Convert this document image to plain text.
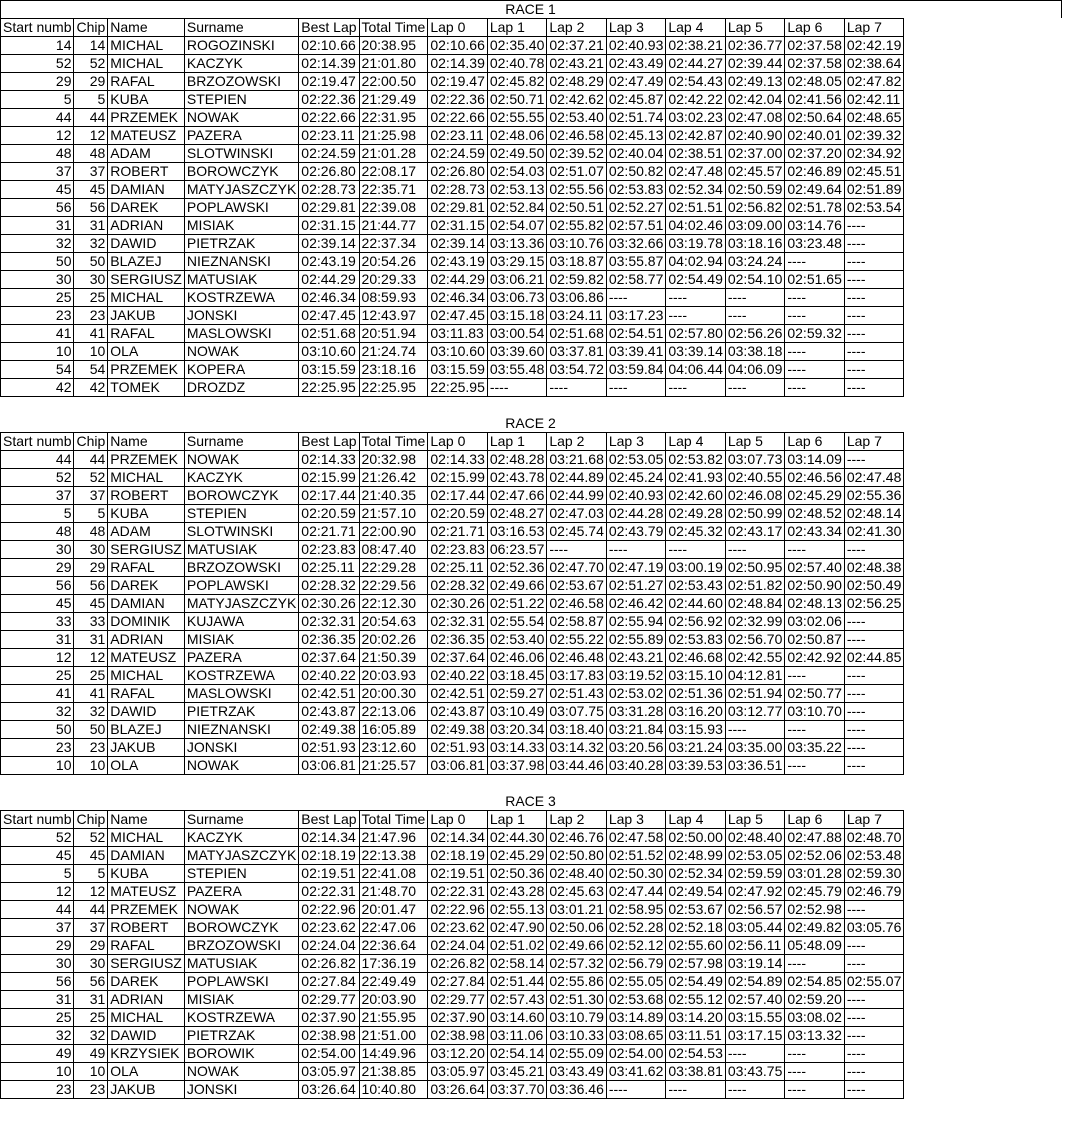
RACE 1
Start numb	Chip	Name	Surname	Best Lap	Total Time	Lap 0	Lap 1	Lap 2	Lap 3	Lap 4	Lap 5	Lap 6	Lap 7
14	14	MICHAL	ROGOZINSKI	02:10.66	20:38.95	02:10.66	02:35.40	02:37.21	02:40.93	02:38.21	02:36.77	02:37.58	02:42.19
52	52	MICHAL	KACZYK	02:14.39	21:01.80	02:14.39	02:40.78	02:43.21	02:43.49	02:44.27	02:39.44	02:37.58	02:38.64
29	29	RAFAL	BRZOZOWSKI	02:19.47	22:00.50	02:19.47	02:45.82	02:48.29	02:47.49	02:54.43	02:49.13	02:48.05	02:47.82
5	5	KUBA	STEPIEN	02:22.36	21:29.49	02:22.36	02:50.71	02:42.62	02:45.87	02:42.22	02:42.04	02:41.56	02:42.11
44	44	PRZEMEK	NOWAK	02:22.66	22:31.95	02:22.66	02:55.55	02:53.40	02:51.74	03:02.23	02:47.08	02:50.64	02:48.65
12	12	MATEUSZ	PAZERA	02:23.11	21:25.98	02:23.11	02:48.06	02:46.58	02:45.13	02:42.87	02:40.90	02:40.01	02:39.32
48	48	ADAM	SLOTWINSKI	02:24.59	21:01.28	02:24.59	02:49.50	02:39.52	02:40.04	02:38.51	02:37.00	02:37.20	02:34.92
37	37	ROBERT	BOROWCZYK	02:26.80	22:08.17	02:26.80	02:54.03	02:51.07	02:50.82	02:47.48	02:45.57	02:46.89	02:45.51
45	45	DAMIAN	MATYJASZCZYK	02:28.73	22:35.71	02:28.73	02:53.13	02:55.56	02:53.83	02:52.34	02:50.59	02:49.64	02:51.89
56	56	DAREK	POPLAWSKI	02:29.81	22:39.08	02:29.81	02:52.84	02:50.51	02:52.27	02:51.51	02:56.82	02:51.78	02:53.54
31	31	ADRIAN	MISIAK	02:31.15	21:44.77	02:31.15	02:54.07	02:55.82	02:57.51	04:02.46	03:09.00	03:14.76	----
32	32	DAWID	PIETRZAK	02:39.14	22:37.34	02:39.14	03:13.36	03:10.76	03:32.66	03:19.78	03:18.16	03:23.48	----
50	50	BLAZEJ	NIEZNANSKI	02:43.19	20:54.26	02:43.19	03:29.15	03:18.87	03:55.87	04:02.94	03:24.24	----	----
30	30	SERGIUSZ	MATUSIAK	02:44.29	20:29.33	02:44.29	03:06.21	02:59.82	02:58.77	02:54.49	02:54.10	02:51.65	----
25	25	MICHAL	KOSTRZEWA	02:46.34	08:59.93	02:46.34	03:06.73	03:06.86	----	----	----	----	----
23	23	JAKUB	JONSKI	02:47.45	12:43.97	02:47.45	03:15.18	03:24.11	03:17.23	----	----	----	----
41	41	RAFAL	MASLOWSKI	02:51.68	20:51.94	03:11.83	03:00.54	02:51.68	02:54.51	02:57.80	02:56.26	02:59.32	----
10	10	OLA	NOWAK	03:10.60	21:24.74	03:10.60	03:39.60	03:37.81	03:39.41	03:39.14	03:38.18	----	----
54	54	PRZEMEK	KOPERA	03:15.59	23:18.16	03:15.59	03:55.48	03:54.72	03:59.84	04:06.44	04:06.09	----	----
42	42	TOMEK	DROZDZ	22:25.95	22:25.95	22:25.95	----	----	----	----	----	----	----
RACE 2
Start numb	Chip	Name	Surname	Best Lap	Total Time	Lap 0	Lap 1	Lap 2	Lap 3	Lap 4	Lap 5	Lap 6	Lap 7
44	44	PRZEMEK	NOWAK	02:14.33	20:32.98	02:14.33	02:48.28	03:21.68	02:53.05	02:53.82	03:07.73	03:14.09	----
52	52	MICHAL	KACZYK	02:15.99	21:26.42	02:15.99	02:43.78	02:44.89	02:45.24	02:41.93	02:40.55	02:46.56	02:47.48
37	37	ROBERT	BOROWCZYK	02:17.44	21:40.35	02:17.44	02:47.66	02:44.99	02:40.93	02:42.60	02:46.08	02:45.29	02:55.36
5	5	KUBA	STEPIEN	02:20.59	21:57.10	02:20.59	02:48.27	02:47.03	02:44.28	02:49.28	02:50.99	02:48.52	02:48.14
48	48	ADAM	SLOTWINSKI	02:21.71	22:00.90	02:21.71	03:16.53	02:45.74	02:43.79	02:45.32	02:43.17	02:43.34	02:41.30
30	30	SERGIUSZ	MATUSIAK	02:23.83	08:47.40	02:23.83	06:23.57	----	----	----	----	----	----
29	29	RAFAL	BRZOZOWSKI	02:25.11	22:29.28	02:25.11	02:52.36	02:47.70	02:47.19	03:00.19	02:50.95	02:57.40	02:48.38
56	56	DAREK	POPLAWSKI	02:28.32	22:29.56	02:28.32	02:49.66	02:53.67	02:51.27	02:53.43	02:51.82	02:50.90	02:50.49
45	45	DAMIAN	MATYJASZCZYK	02:30.26	22:12.30	02:30.26	02:51.22	02:46.58	02:46.42	02:44.60	02:48.84	02:48.13	02:56.25
33	33	DOMINIK	KUJAWA	02:32.31	20:54.63	02:32.31	02:55.54	02:58.87	02:55.94	02:56.92	02:32.99	03:02.06	----
31	31	ADRIAN	MISIAK	02:36.35	20:02.26	02:36.35	02:53.40	02:55.22	02:55.89	02:53.83	02:56.70	02:50.87	----
12	12	MATEUSZ	PAZERA	02:37.64	21:50.39	02:37.64	02:46.06	02:46.48	02:43.21	02:46.68	02:42.55	02:42.92	02:44.85
25	25	MICHAL	KOSTRZEWA	02:40.22	20:03.93	02:40.22	03:18.45	03:17.83	03:19.52	03:15.10	04:12.81	----	----
41	41	RAFAL	MASLOWSKI	02:42.51	20:00.30	02:42.51	02:59.27	02:51.43	02:53.02	02:51.36	02:51.94	02:50.77	----
32	32	DAWID	PIETRZAK	02:43.87	22:13.06	02:43.87	03:10.49	03:07.75	03:31.28	03:16.20	03:12.77	03:10.70	----
50	50	BLAZEJ	NIEZNANSKI	02:49.38	16:05.89	02:49.38	03:20.34	03:18.40	03:21.84	03:15.93	----	----	----
23	23	JAKUB	JONSKI	02:51.93	23:12.60	02:51.93	03:14.33	03:14.32	03:20.56	03:21.24	03:35.00	03:35.22	----
10	10	OLA	NOWAK	03:06.81	21:25.57	03:06.81	03:37.98	03:44.46	03:40.28	03:39.53	03:36.51	----	----
RACE 3
Start numb	Chip	Name	Surname	Best Lap	Total Time	Lap 0	Lap 1	Lap 2	Lap 3	Lap 4	Lap 5	Lap 6	Lap 7
52	52	MICHAL	KACZYK	02:14.34	21:47.96	02:14.34	02:44.30	02:46.76	02:47.58	02:50.00	02:48.40	02:47.88	02:48.70
45	45	DAMIAN	MATYJASZCZYK	02:18.19	22:13.38	02:18.19	02:45.29	02:50.80	02:51.52	02:48.99	02:53.05	02:52.06	02:53.48
5	5	KUBA	STEPIEN	02:19.51	22:41.08	02:19.51	02:50.36	02:48.40	02:50.30	02:52.34	02:59.59	03:01.28	02:59.30
12	12	MATEUSZ	PAZERA	02:22.31	21:48.70	02:22.31	02:43.28	02:45.63	02:47.44	02:49.54	02:47.92	02:45.79	02:46.79
44	44	PRZEMEK	NOWAK	02:22.96	20:01.47	02:22.96	02:55.13	03:01.21	02:58.95	02:53.67	02:56.57	02:52.98	----
37	37	ROBERT	BOROWCZYK	02:23.62	22:47.06	02:23.62	02:47.90	02:50.06	02:52.28	02:52.18	03:05.44	02:49.82	03:05.76
29	29	RAFAL	BRZOZOWSKI	02:24.04	22:36.64	02:24.04	02:51.02	02:49.66	02:52.12	02:55.60	02:56.11	05:48.09	----
30	30	SERGIUSZ	MATUSIAK	02:26.82	17:36.19	02:26.82	02:58.14	02:57.32	02:56.79	02:57.98	03:19.14	----	----
56	56	DAREK	POPLAWSKI	02:27.84	22:49.49	02:27.84	02:51.44	02:55.86	02:55.05	02:54.49	02:54.89	02:54.85	02:55.07
31	31	ADRIAN	MISIAK	02:29.77	20:03.90	02:29.77	02:57.43	02:51.30	02:53.68	02:55.12	02:57.40	02:59.20	----
25	25	MICHAL	KOSTRZEWA	02:37.90	21:55.95	02:37.90	03:14.60	03:10.79	03:14.89	03:14.20	03:15.55	03:08.02	----
32	32	DAWID	PIETRZAK	02:38.98	21:51.00	02:38.98	03:11.06	03:10.33	03:08.65	03:11.51	03:17.15	03:13.32	----
49	49	KRZYSIEK	BOROWIK	02:54.00	14:49.96	03:12.20	02:54.14	02:55.09	02:54.00	02:54.53	----	----	----
10	10	OLA	NOWAK	03:05.97	21:38.85	03:05.97	03:45.21	03:43.49	03:41.62	03:38.81	03:43.75	----	----
23	23	JAKUB	JONSKI	03:26.64	10:40.80	03:26.64	03:37.70	03:36.46	----	----	----	----	----
